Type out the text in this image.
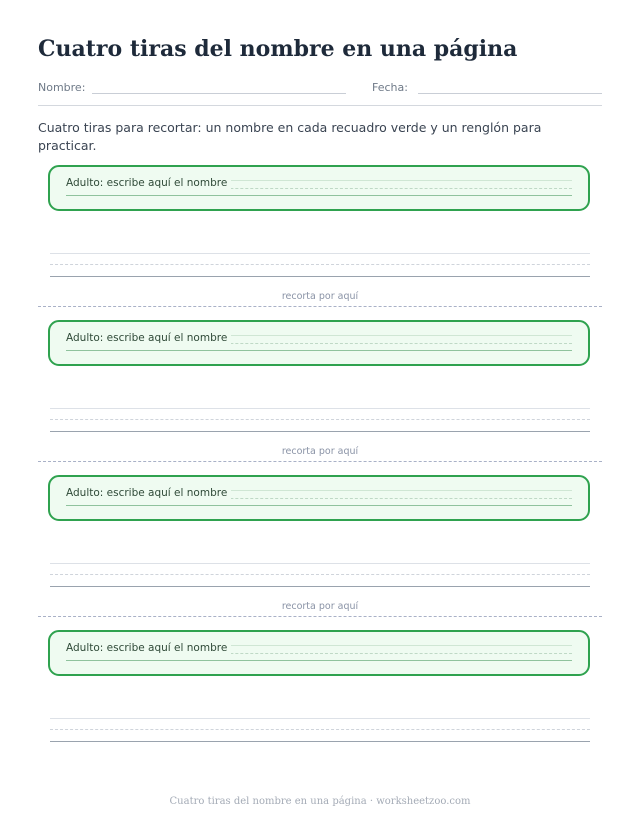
Cuatro tiras del nombre en una página
Nombre:	Fecha:

Cuatro tiras para recortar: un nombre en cada recuadro verde y un renglón para practicar.

Adulto: escribe aquí el nombre
recorta por aquí
Adulto: escribe aquí el nombre
recorta por aquí
Adulto: escribe aquí el nombre
recorta por aquí
Adulto: escribe aquí el nombre
Cuatro tiras del nombre en una página · worksheetzoo.com
